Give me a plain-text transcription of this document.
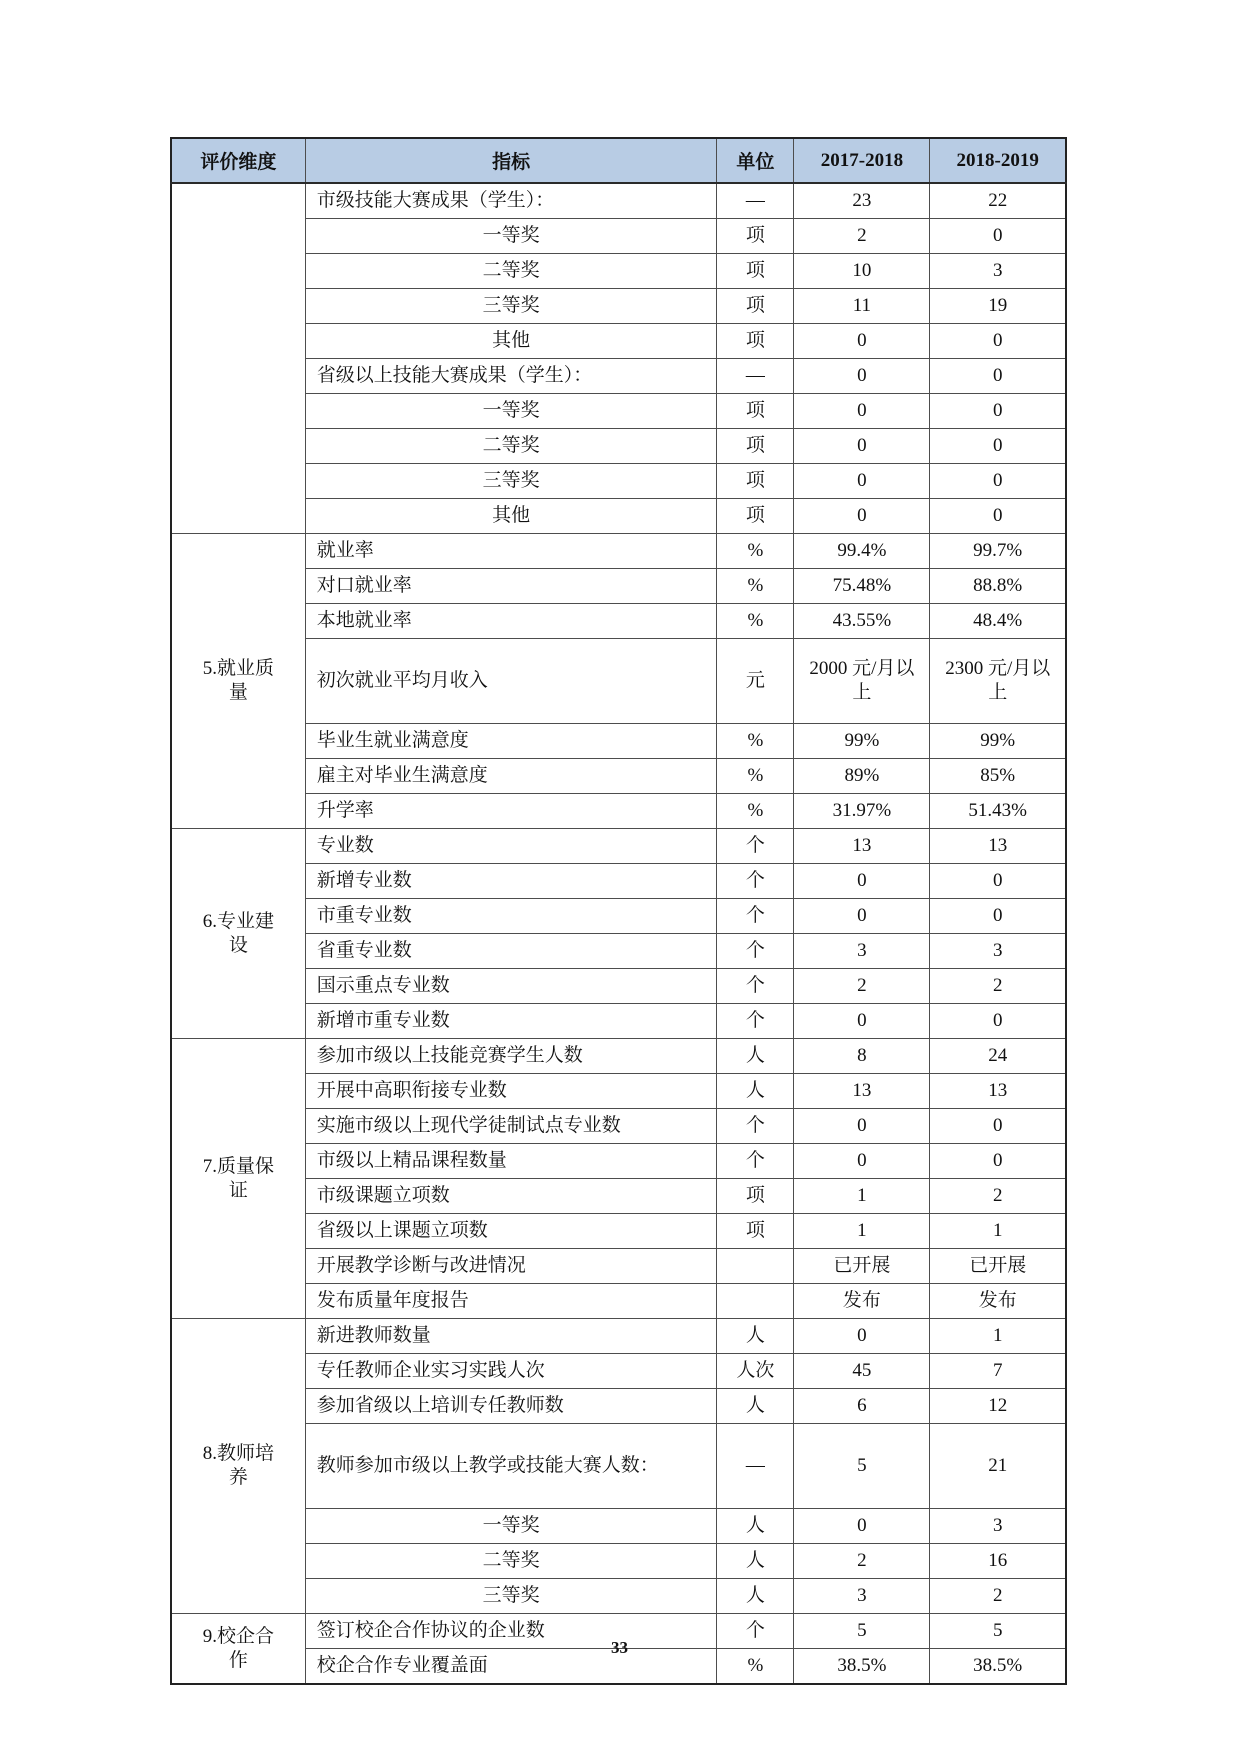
评价维度	指标	单位	2017-2018	2018-2019
	市级技能大赛成果（学生）：	—	23	22
	一等奖	项	2	0
	二等奖	项	10	3
	三等奖	项	11	19
	其他	项	0	0
	省级以上技能大赛成果（学生）：	—	0	0
	一等奖	项	0	0
	二等奖	项	0	0
	三等奖	项	0	0
	其他	项	0	0
5.就业质量	就业率	%	99.4%	99.7%
	对口就业率	%	75.48%	88.8%
	本地就业率	%	43.55%	48.4%
	初次就业平均月收入	元	2000 元/月以上	2300 元/月以上
	毕业生就业满意度	%	99%	99%
	雇主对毕业生满意度	%	89%	85%
	升学率	%	31.97%	51.43%
6.专业建设	专业数	个	13	13
	新增专业数	个	0	0
	市重专业数	个	0	0
	省重专业数	个	3	3
	国示重点专业数	个	2	2
	新增市重专业数	个	0	0
7.质量保证	参加市级以上技能竞赛学生人数	人	8	24
	开展中高职衔接专业数	人	13	13
	实施市级以上现代学徒制试点专业数	个	0	0
	市级以上精品课程数量	个	0	0
	市级课题立项数	项	1	2
	省级以上课题立项数	项	1	1
	开展教学诊断与改进情况		已开展	已开展
	发布质量年度报告		发布	发布
8.教师培养	新进教师数量	人	0	1
	专任教师企业实习实践人次	人次	45	7
	参加省级以上培训专任教师数	人	6	12
	教师参加市级以上教学或技能大赛人数：	—	5	21
	一等奖	人	0	3
	二等奖	人	2	16
	三等奖	人	3	2
9.校企合作	签订校企合作协议的企业数	个	5	5
	校企合作专业覆盖面	%	38.5%	38.5%
33
